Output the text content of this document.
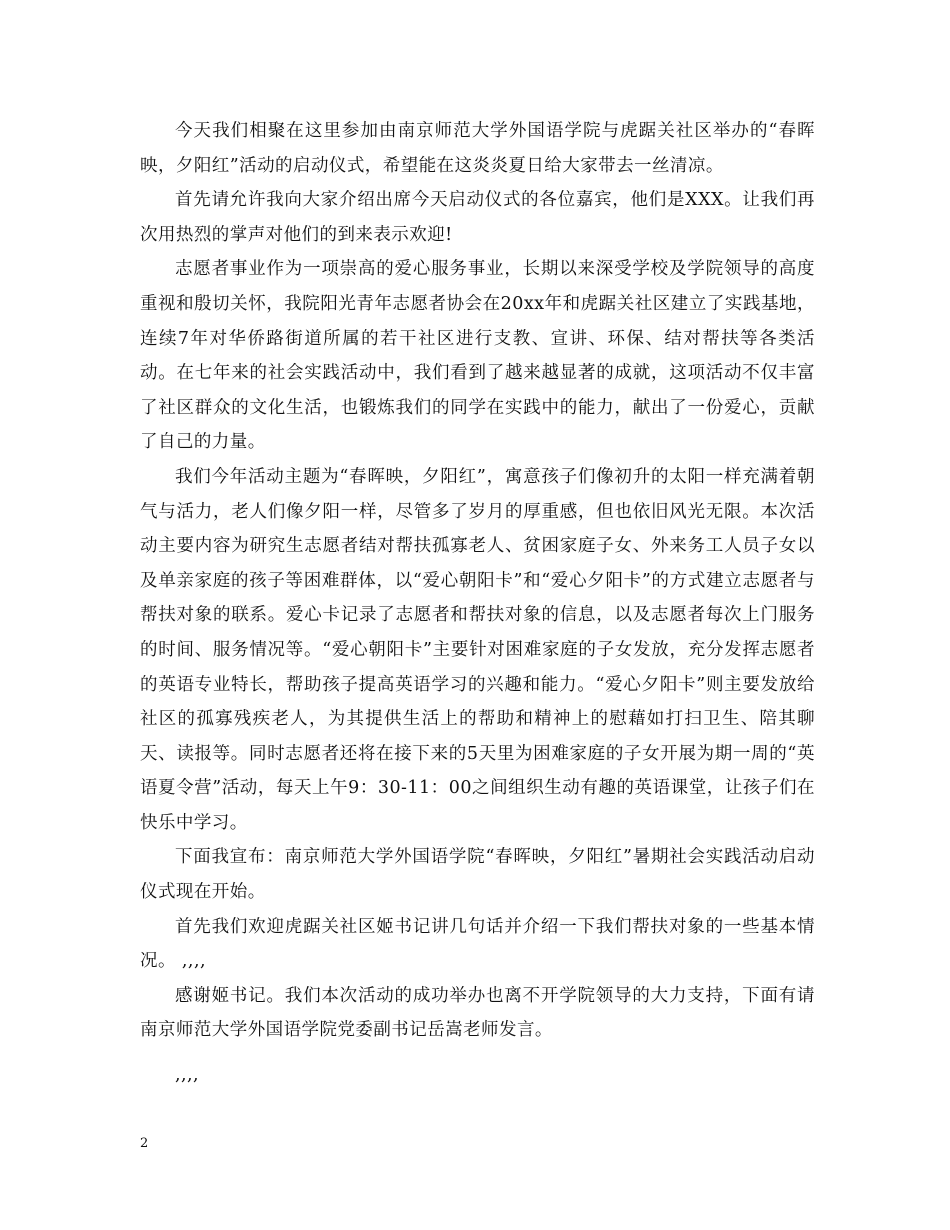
今天我们相聚在这里参加由南京师范大学外国语学院与虎踞关社区举办的“春晖映，夕阳红”活动的启动仪式，希望能在这炎炎夏日给大家带去一丝清凉。

首先请允许我向大家介绍出席今天启动仪式的各位嘉宾，他们是XXX。让我们再次用热烈的掌声对他们的到来表示欢迎!

志愿者事业作为一项崇高的爱心服务事业，长期以来深受学校及学院领导的高度重视和殷切关怀，我院阳光青年志愿者协会在20xx年和虎踞关社区建立了实践基地，连续7年对华侨路街道所属的若干社区进行支教、宣讲、环保、结对帮扶等各类活动。在七年来的社会实践活动中，我们看到了越来越显著的成就，这项活动不仅丰富了社区群众的文化生活，也锻炼我们的同学在实践中的能力，献出了一份爱心，贡献了自己的力量。

我们今年活动主题为“春晖映，夕阳红”，寓意孩子们像初升的太阳一样充满着朝气与活力，老人们像夕阳一样，尽管多了岁月的厚重感，但也依旧风光无限。本次活动主要内容为研究生志愿者结对帮扶孤寡老人、贫困家庭子女、外来务工人员子女以及单亲家庭的孩子等困难群体，以“爱心朝阳卡”和“爱心夕阳卡”的方式建立志愿者与帮扶对象的联系。爱心卡记录了志愿者和帮扶对象的信息，以及志愿者每次上门服务的时间、服务情况等。“爱心朝阳卡”主要针对困难家庭的子女发放，充分发挥志愿者的英语专业特长，帮助孩子提高英语学习的兴趣和能力。“爱心夕阳卡”则主要发放给社区的孤寡残疾老人，为其提供生活上的帮助和精神上的慰藉如打扫卫生、陪其聊天、读报等。同时志愿者还将在接下来的5天里为困难家庭的子女开展为期一周的“英语夏令营”活动，每天上午9：30-11：00之间组织生动有趣的英语课堂，让孩子们在快乐中学习。

下面我宣布：南京师范大学外国语学院“春晖映，夕阳红”暑期社会实践活动启动仪式现在开始。

首先我们欢迎虎踞关社区姬书记讲几句话并介绍一下我们帮扶对象的一些基本情况。 ,,,,

感谢姬书记。我们本次活动的成功举办也离不开学院领导的大力支持，下面有请南京师范大学外国语学院党委副书记岳嵩老师发言。

,,,,

2
